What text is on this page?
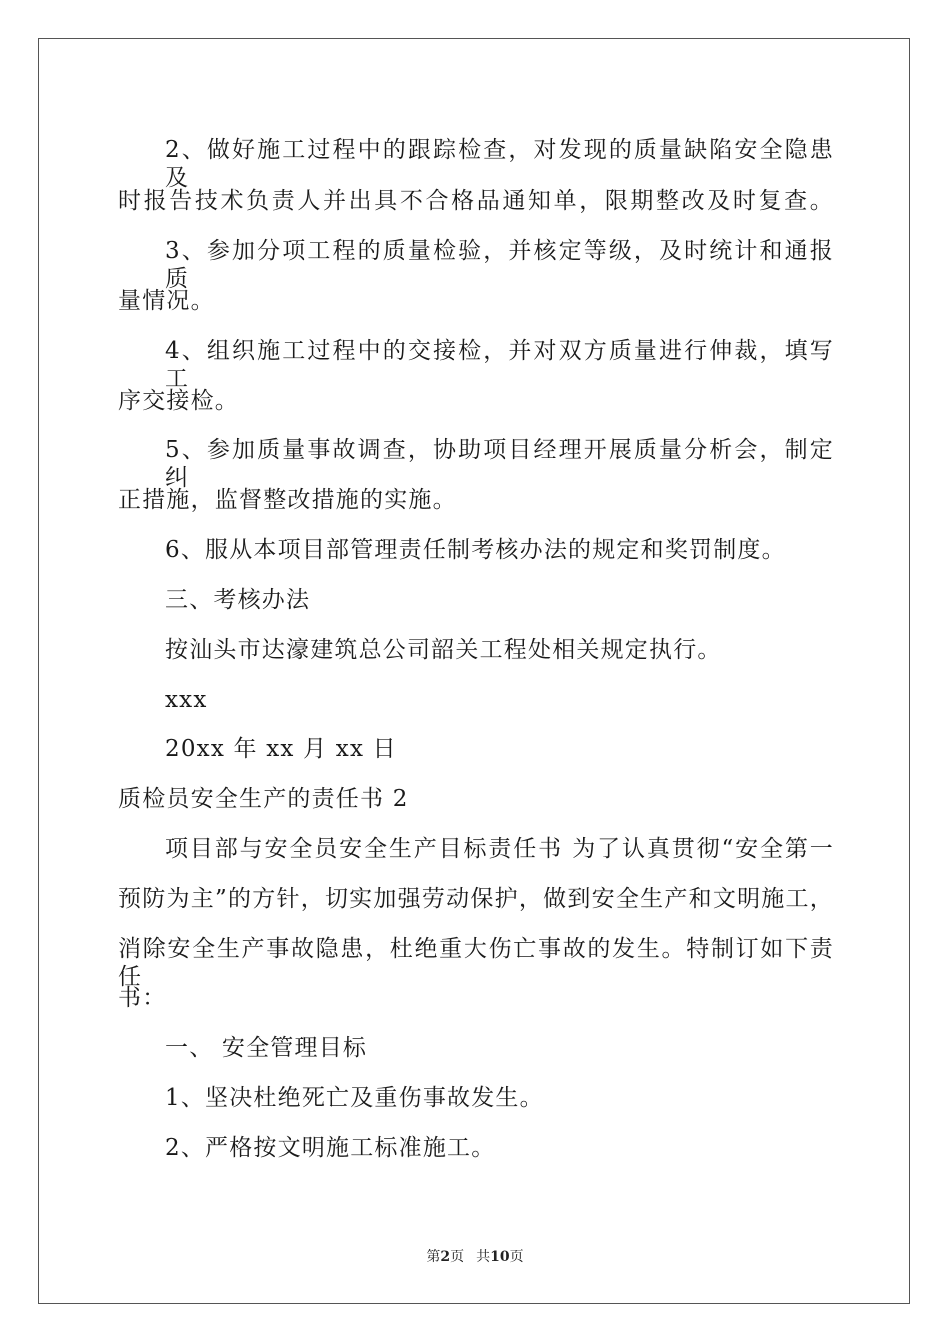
2、做好施工过程中的跟踪检查，对发现的质量缺陷安全隐患及
时报告技术负责人并出具不合格品通知单，限期整改及时复查。
3、参加分项工程的质量检验，并核定等级，及时统计和通报质
量情况。
4、组织施工过程中的交接检，并对双方质量进行伸裁，填写工
序交接检。
5、参加质量事故调查，协助项目经理开展质量分析会，制定纠
正措施，监督整改措施的实施。
6、服从本项目部管理责任制考核办法的规定和奖罚制度。
三、考核办法
按汕头市达濠建筑总公司韶关工程处相关规定执行。
xxx
20xx 年 xx 月 xx 日
质检员安全生产的责任书 2
项目部与安全员安全生产目标责任书 为了认真贯彻“安全第一
预防为主”的方针，切实加强劳动保护，做到安全生产和文明施工，
消除安全生产事故隐患，杜绝重大伤亡事故的发生。特制订如下责任
书：
一、 安全管理目标
1、坚决杜绝死亡及重伤事故发生。
2、严格按文明施工标准施工。
第2页 共10页
